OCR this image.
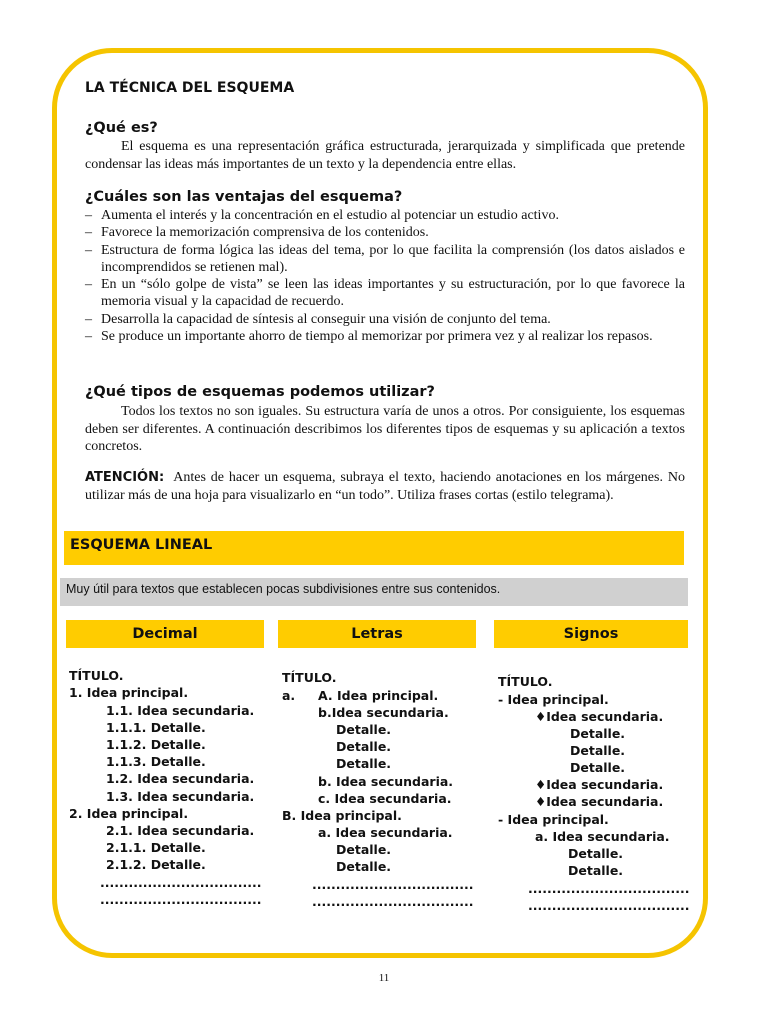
LA TÉCNICA DEL ESQUEMA
¿Qué es?

El esquema es una representación gráfica estructurada, jerarquizada y simplificada que pretende condensar las ideas más importantes de un texto y la dependencia entre ellas.

¿Cuáles son las ventajas del esquema?
– Aumenta el interés y la concentración en el estudio al potenciar un estudio activo.
– Favorece la memorización comprensiva de los contenidos.
– Estructura de forma lógica las ideas del tema, por lo que facilita la comprensión (los datos aislados e incomprendidos se retienen mal).
– En un “sólo golpe de vista” se leen las ideas importantes y su estructuración, por lo que favorece la memoria visual y la capacidad de recuerdo.
– Desarrolla la capacidad de síntesis al conseguir una visión de conjunto del tema.
– Se produce un importante ahorro de tiempo al memorizar por primera vez y al realizar los repasos.
¿Qué tipos de esquemas podemos utilizar?

Todos los textos no son iguales. Su estructura varía de unos a otros. Por consiguiente, los esquemas deben ser diferentes. A continuación describimos los diferentes tipos de esquemas y su aplicación a textos concretos.

ATENCIÓN: Antes de hacer un esquema, subraya el texto, haciendo anotaciones en los márgenes. No utilizar más de una hoja para visualizarlo en “un todo”. Utiliza frases cortas (estilo telegrama).

ESQUEMA LINEAL
Muy útil para textos que establecen pocas subdivisiones entre sus contenidos.
Decimal	Letras	Signos
TÍTULO.
1. Idea principal.
1.1. Idea secundaria.
1.1.1. Detalle.
1.1.2. Detalle.
1.1.3. Detalle.
1.2. Idea secundaria.
1.3. Idea secundaria.
2. Idea principal.
2.1. Idea secundaria.
2.1.1. Detalle.
2.1.2. Detalle.
..................................
..................................
TÍTULO.
a. A. Idea principal.
b.Idea secundaria.
Detalle.
Detalle.
Detalle.
b. Idea secundaria.
c. Idea secundaria.
B. Idea principal.
a. Idea secundaria.
Detalle.
Detalle.
..................................
..................................
TÍTULO.
- Idea principal.
♦Idea secundaria.
Detalle.
Detalle.
Detalle.
♦Idea secundaria.
♦Idea secundaria.
- Idea principal.
a. Idea secundaria.
Detalle.
Detalle.
..................................
..................................
11
